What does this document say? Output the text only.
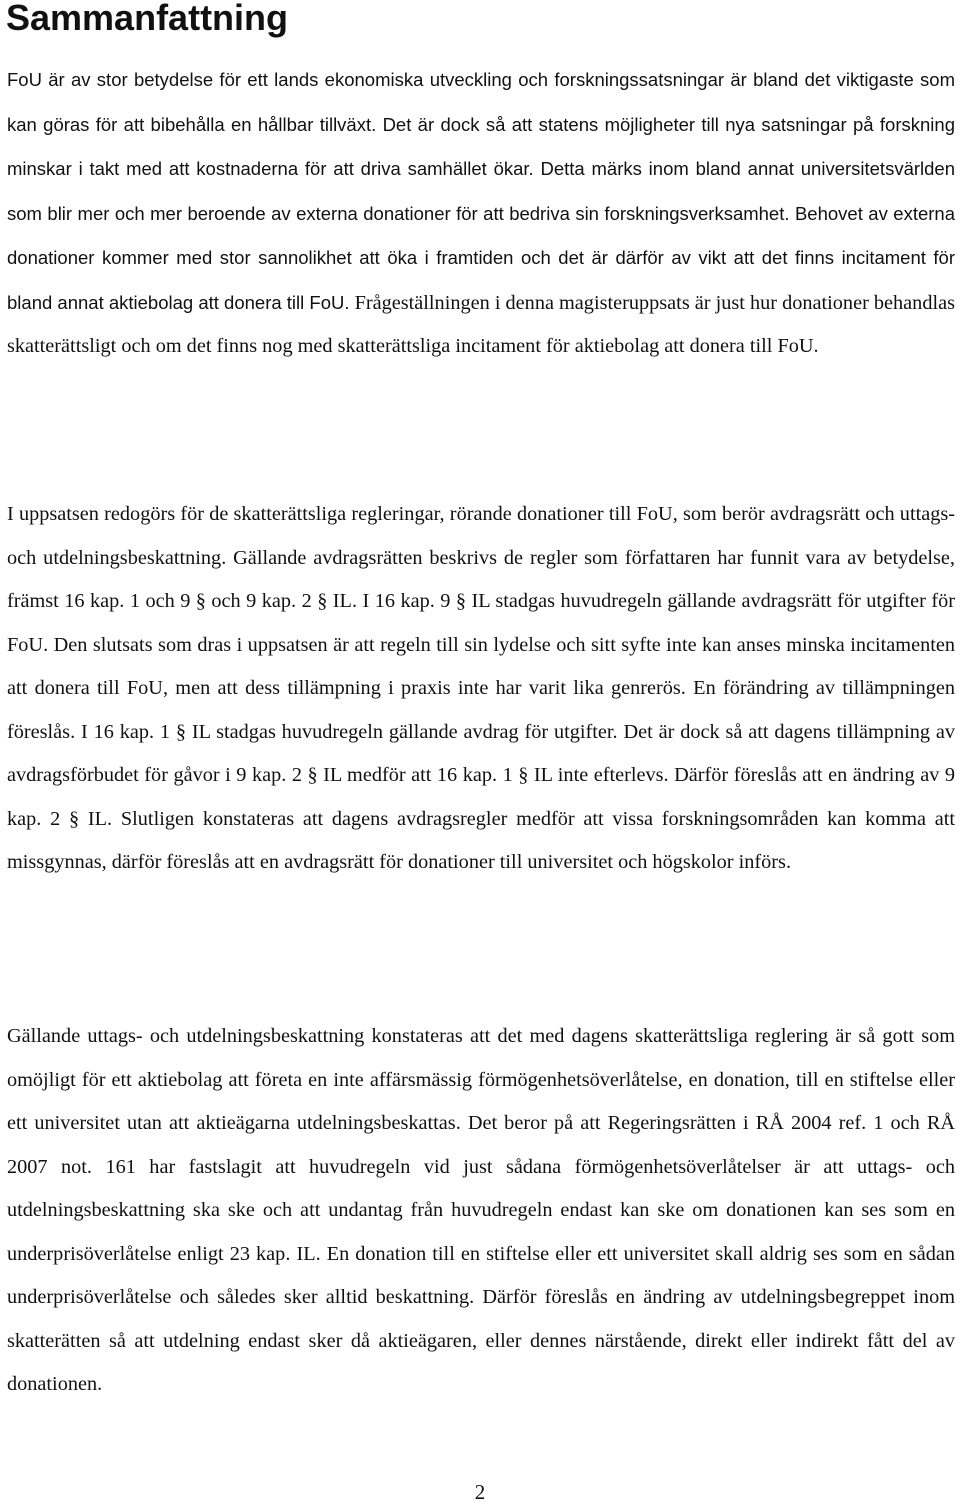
Sammanfattning

FoU är av stor betydelse för ett lands ekonomiska utveckling och forskningssatsningar är bland det viktigaste som kan göras för att bibehålla en hållbar tillväxt. Det är dock så att statens möjligheter till nya satsningar på forskning minskar i takt med att kostnaderna för att driva samhället ökar. Detta märks inom bland annat universitetsvärlden som blir mer och mer beroende av externa donationer för att bedriva sin forskningsverksamhet. Behovet av externa donationer kommer med stor sannolikhet att öka i framtiden och det är därför av vikt att det finns incitament för bland annat aktiebolag att donera till FoU. Frågeställningen i denna magisteruppsats är just hur donationer behandlas skatterättsligt och om det finns nog med skatterättsliga incitament för aktiebolag att donera till FoU.

I uppsatsen redogörs för de skatterättsliga regleringar, rörande donationer till FoU, som berör avdragsrätt och uttags- och utdelningsbeskattning. Gällande avdragsrätten beskrivs de regler som författaren har funnit vara av betydelse, främst 16 kap. 1 och 9 § och 9 kap. 2 § IL. I 16 kap. 9 § IL stadgas huvudregeln gällande avdragsrätt för utgifter för FoU. Den slutsats som dras i uppsatsen är att regeln till sin lydelse och sitt syfte inte kan anses minska incitamenten att donera till FoU, men att dess tillämpning i praxis inte har varit lika genrerös. En förändring av tillämpningen föreslås. I 16 kap. 1 § IL stadgas huvudregeln gällande avdrag för utgifter. Det är dock så att dagens tillämpning av avdragsförbudet för gåvor i 9 kap. 2 § IL medför att 16 kap. 1 § IL inte efterlevs. Därför föreslås att en ändring av 9 kap. 2 § IL. Slutligen konstateras att dagens avdragsregler medför att vissa forskningsområden kan komma att missgynnas, därför föreslås att en avdragsrätt för donationer till universitet och högskolor införs.

Gällande uttags- och utdelningsbeskattning konstateras att det med dagens skatterättsliga reglering är så gott som omöjligt för ett aktiebolag att företa en inte affärsmässig förmögenhetsöverlåtelse, en donation, till en stiftelse eller ett universitet utan att aktieägarna utdelningsbeskattas. Det beror på att Regeringsrätten i RÅ 2004 ref. 1 och RÅ 2007 not. 161 har fastslagit att huvudregeln vid just sådana förmögenhetsöverlåtelser är att uttags- och utdelningsbeskattning ska ske och att undantag från huvudregeln endast kan ske om donationen kan ses som en underprisöverlåtelse enligt 23 kap. IL. En donation till en stiftelse eller ett universitet skall aldrig ses som en sådan underprisöverlåtelse och således sker alltid beskattning. Därför föreslås en ändring av utdelningsbegreppet inom skatterätten så att utdelning endast sker då aktieägaren, eller dennes närstående, direkt eller indirekt fått del av donationen.

2
